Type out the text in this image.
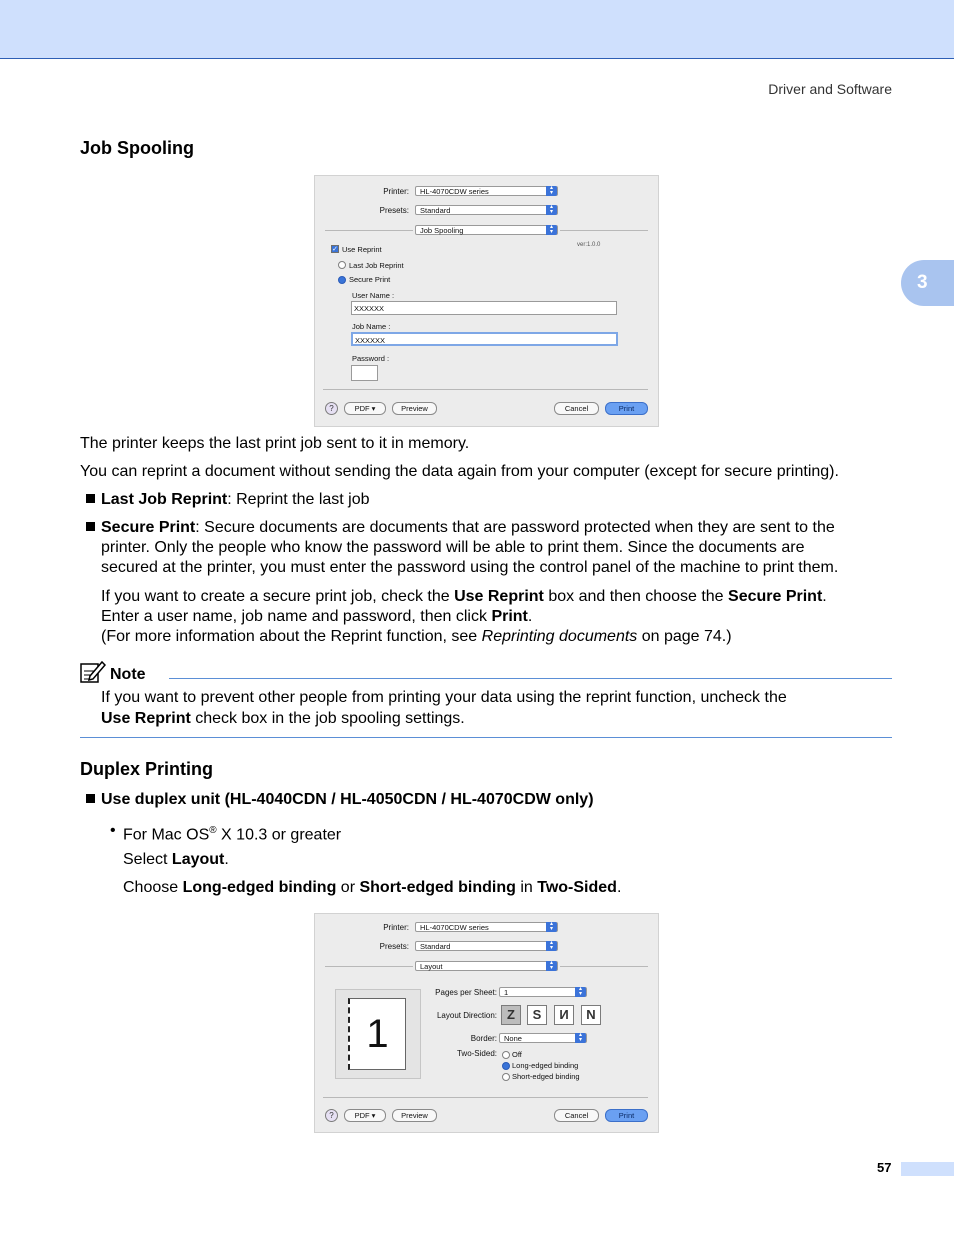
Driver and Software
3
Job Spooling
Printer:	HL-4070CDW series	▴
▾
Presets:	Standard	▴
▾
Job Spooling	▴
▾
✓ Use Reprint	ver:1.0.0
Last Job Reprint
Secure Print
User Name :
XXXXXX
Job Name :
XXXXXX
Password :
?	PDF ▾	Preview	Cancel	Print
The printer keeps the last print job sent to it in memory.
You can reprint a document without sending the data again from your computer (except for secure printing).
Last Job Reprint: Reprint the last job
Secure Print: Secure documents are documents that are password protected when they are sent to the
printer. Only the people who know the password will be able to print them. Since the documents are
secured at the printer, you must enter the password using the control panel of the machine to print them.
If you want to create a secure print job, check the Use Reprint box and then choose the Secure Print.
Enter a user name, job name and password, then click Print.
(For more information about the Reprint function, see Reprinting documents on page 74.)
Note
If you want to prevent other people from printing your data using the reprint function, uncheck the
Use Reprint check box in the job spooling settings.
Duplex Printing
Use duplex unit (HL-4040CDN / HL-4050CDN / HL-4070CDW only)
• For Mac OS® X 10.3 or greater
Select Layout.
Choose Long-edged binding or Short-edged binding in Two-Sided.
Printer:	HL-4070CDW series	▴
▾
Presets:	Standard	▴
▾
Layout	▴
▾
1
Pages per Sheet: 1	▴
▾
Layout Direction: Z	S	И	N
Border: None	▴
▾
Two-Sided: Off
Long-edged binding
Short-edged binding
?	PDF ▾	Preview	Cancel	Print
57
